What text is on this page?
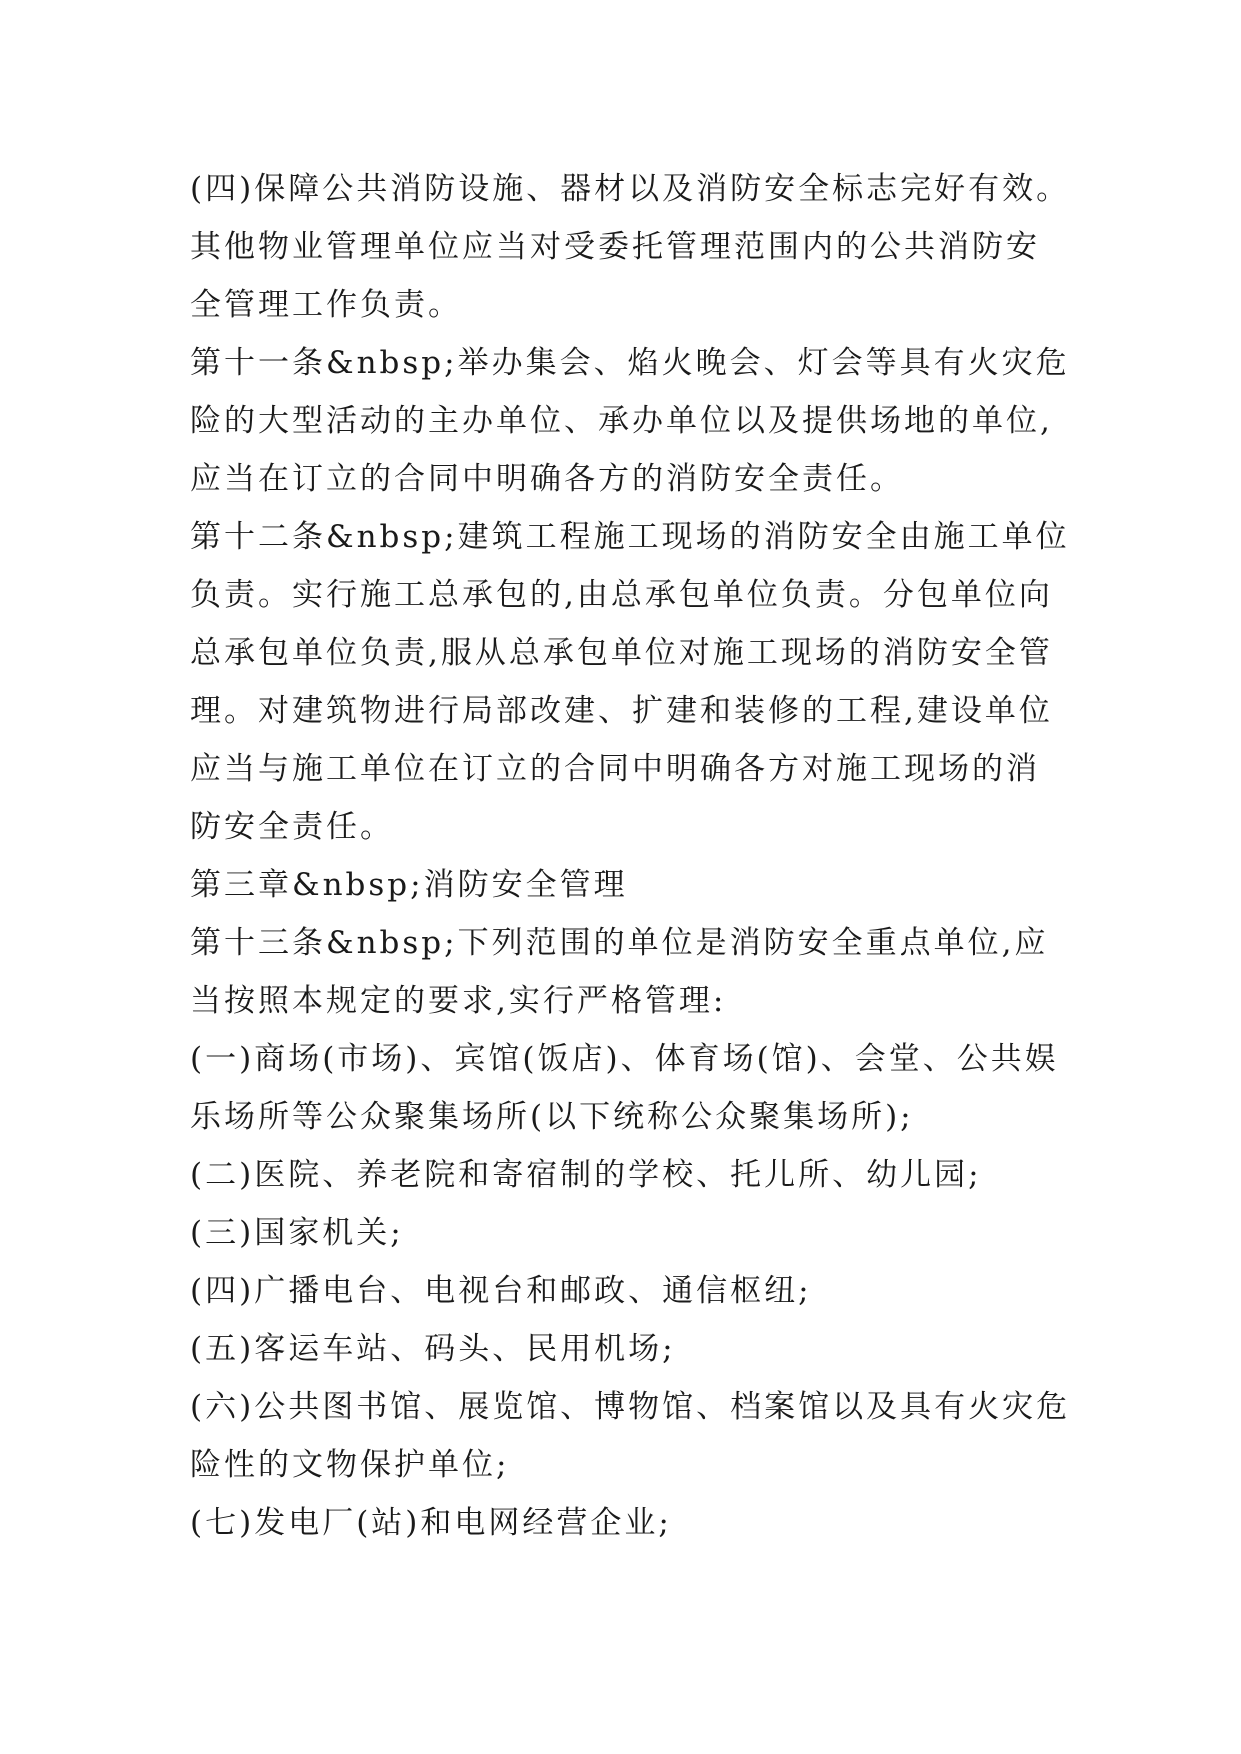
(四)保障公共消防设施、器材以及消防安全标志完好有效。
其他物业管理单位应当对受委托管理范围内的公共消防安
全管理工作负责。
第十一条&nbsp;举办集会、焰火晚会、灯会等具有火灾危
险的大型活动的主办单位、承办单位以及提供场地的单位,
应当在订立的合同中明确各方的消防安全责任。
第十二条&nbsp;建筑工程施工现场的消防安全由施工单位
负责。实行施工总承包的,由总承包单位负责。分包单位向
总承包单位负责,服从总承包单位对施工现场的消防安全管
理。对建筑物进行局部改建、扩建和装修的工程,建设单位
应当与施工单位在订立的合同中明确各方对施工现场的消
防安全责任。
第三章&nbsp;消防安全管理
第十三条&nbsp;下列范围的单位是消防安全重点单位,应
当按照本规定的要求,实行严格管理:
(一)商场(市场)、宾馆(饭店)、体育场(馆)、会堂、公共娱
乐场所等公众聚集场所(以下统称公众聚集场所);
(二)医院、养老院和寄宿制的学校、托儿所、幼儿园;
(三)国家机关;
(四)广播电台、电视台和邮政、通信枢纽;
(五)客运车站、码头、民用机场;
(六)公共图书馆、展览馆、博物馆、档案馆以及具有火灾危
险性的文物保护单位;
(七)发电厂(站)和电网经营企业;
